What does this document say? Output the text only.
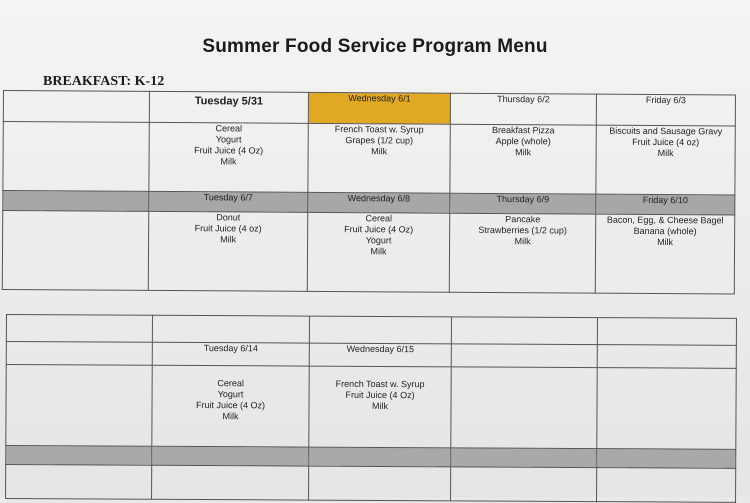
Summer Food Service Program Menu
BREAKFAST: K-12
	Tuesday 5/31	Wednesday 6/1	Thursday 6/2	Friday 6/3

	Cereal
Yogurt
Fruit Juice (4 Oz)
Milk	French Toast w. Syrup
Grapes (1/2 cup)
Milk	Breakfast Pizza
Apple (whole)
Milk	Biscuits and Sausage Gravy
Fruit Juice (4 oz)
Milk

	Tuesday 6/7	Wednesday 6/8	Thursday 6/9	Friday 6/10

	Donut
Fruit Juice (4 oz)
Milk	Cereal
Fruit Juice (4 Oz)
Yogurt
Milk	Pancake
Strawberries (1/2 cup)
Milk	Bacon, Egg, & Cheese Bagel
Banana (whole)
Milk

	Tuesday 6/14	Wednesday 6/15		

	Cereal
Yogurt
Fruit Juice (4 Oz)
Milk	French Toast w. Syrup
Fruit Juice (4 Oz)
Milk		
